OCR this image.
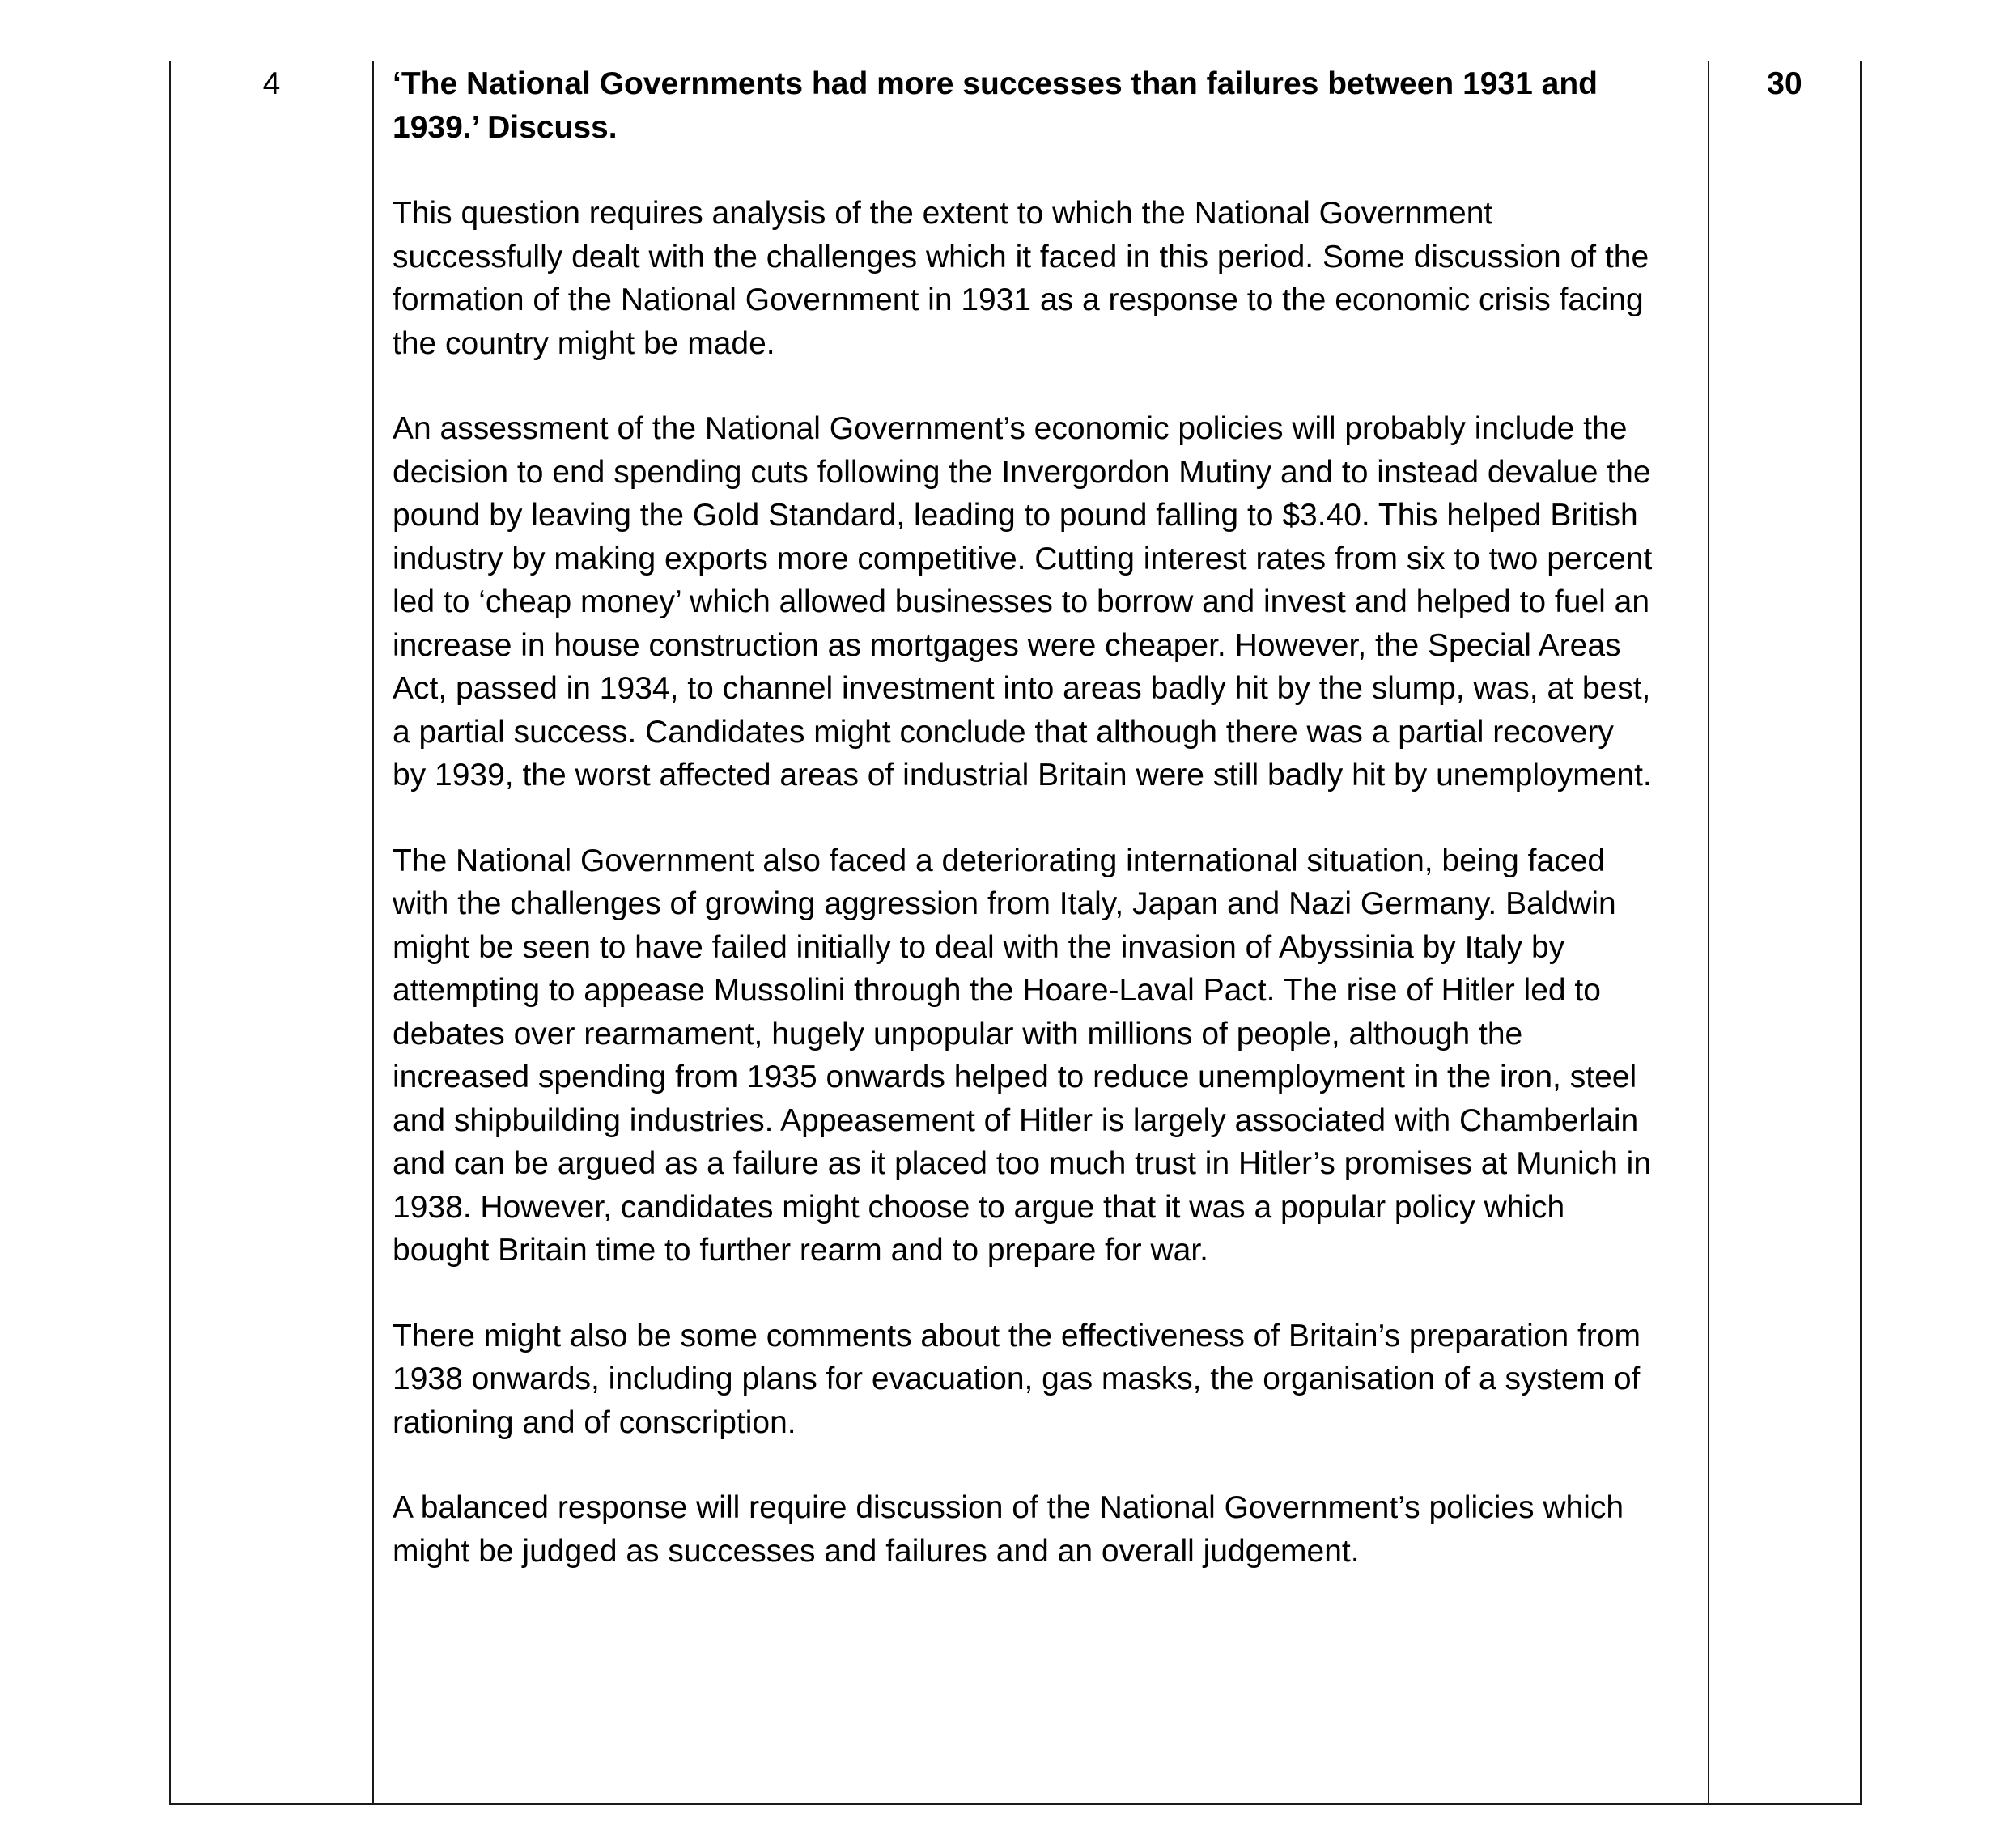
4	‘The National Governments had more successes than failures between 1931 and 1939.’ Discuss.

This question requires analysis of the extent to which the National Government successfully dealt with the challenges which it faced in this period. Some discussion of the formation of the National Government in 1931 as a response to the economic crisis facing the country might be made.

An assessment of the National Government’s economic policies will probably include the decision to end spending cuts following the Invergordon Mutiny and to instead devalue the pound by leaving the Gold Standard, leading to pound falling to $3.40. This helped British industry by making exports more competitive. Cutting interest rates from six to two percent led to ‘cheap money’ which allowed businesses to borrow and invest and helped to fuel an increase in house construction as mortgages were cheaper. However, the Special Areas Act, passed in 1934, to channel investment into areas badly hit by the slump, was, at best, a partial success. Candidates might conclude that although there was a partial recovery by 1939, the worst affected areas of industrial Britain were still badly hit by unemployment.

The National Government also faced a deteriorating international situation, being faced with the challenges of growing aggression from Italy, Japan and Nazi Germany. Baldwin might be seen to have failed initially to deal with the invasion of Abyssinia by Italy by attempting to appease Mussolini through the Hoare-Laval Pact. The rise of Hitler led to debates over rearmament, hugely unpopular with millions of people, although the increased spending from 1935 onwards helped to reduce unemployment in the iron, steel and shipbuilding industries. Appeasement of Hitler is largely associated with Chamberlain and can be argued as a failure as it placed too much trust in Hitler’s promises at Munich in 1938. However, candidates might choose to argue that it was a popular policy which bought Britain time to further rearm and to prepare for war.

There might also be some comments about the effectiveness of Britain’s preparation from 1938 onwards, including plans for evacuation, gas masks, the organisation of a system of rationing and of conscription.

A balanced response will require discussion of the National Government’s policies which might be judged as successes and failures and an overall judgement.

30
